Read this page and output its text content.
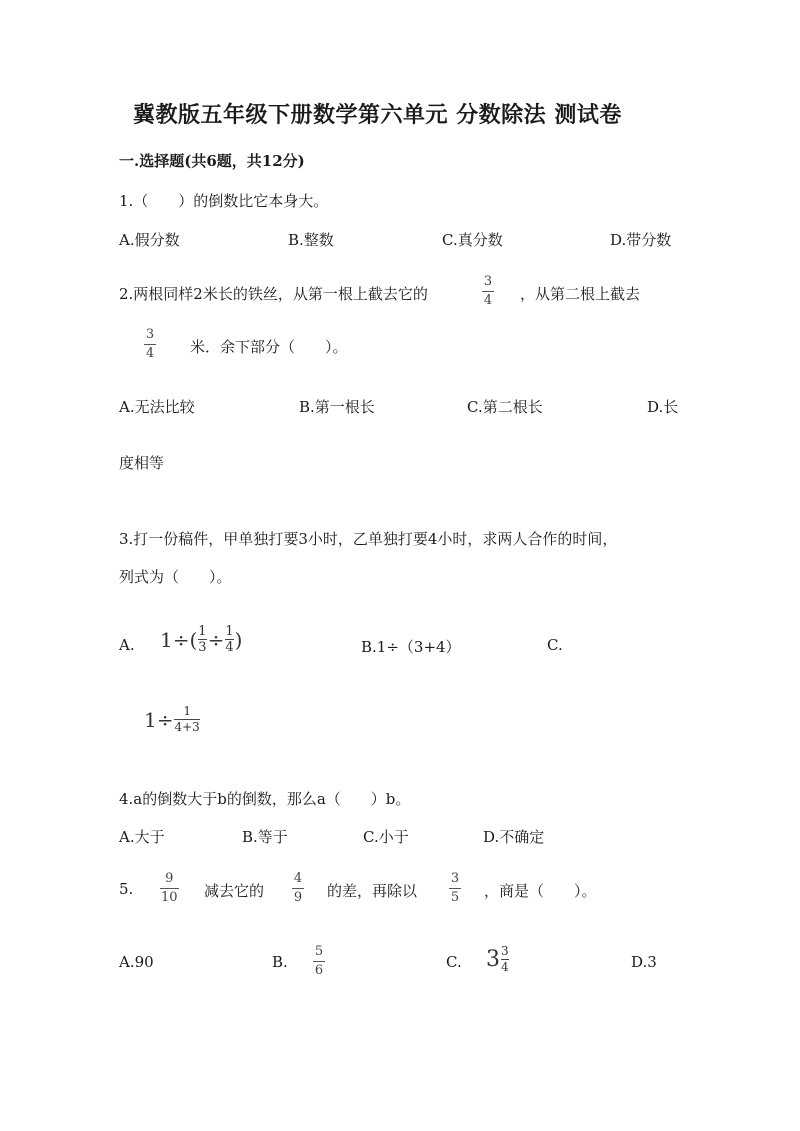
冀教版五年级下册数学第六单元 分数除法 测试卷
一.选择题(共6题，共12分)
1.（　　）的倒数比它本身大。
A.假分数	B.整数	C.真分数	D.带分数
2.两根同样2米长的铁丝，从第一根上截去它的
3
4 ，从第二根上截去
3
4 米．余下部分（　　）。
A.无法比较	B.第一根长	C.第二根长	D.长
度相等
3.打一份稿件，甲单独打要3小时，乙单独打要4小时，求两人合作的时间，
列式为（　　）。
A. $1\div( \frac{1}{3} \div \frac{1}{4}$ )	B.1÷（3+4）	C.
$1\div \frac{1}{4+3}$
4.a的倒数大于b的倒数，那么a（　　）b。
A.大于	B.等于	C.小于	D.不确定
5.
9
10 减去它的
4
9 的差，再除以
3
5 ，商是（　　）。
A.90	B.
5
6	C. $3 \frac{3}{4}$	D.3
